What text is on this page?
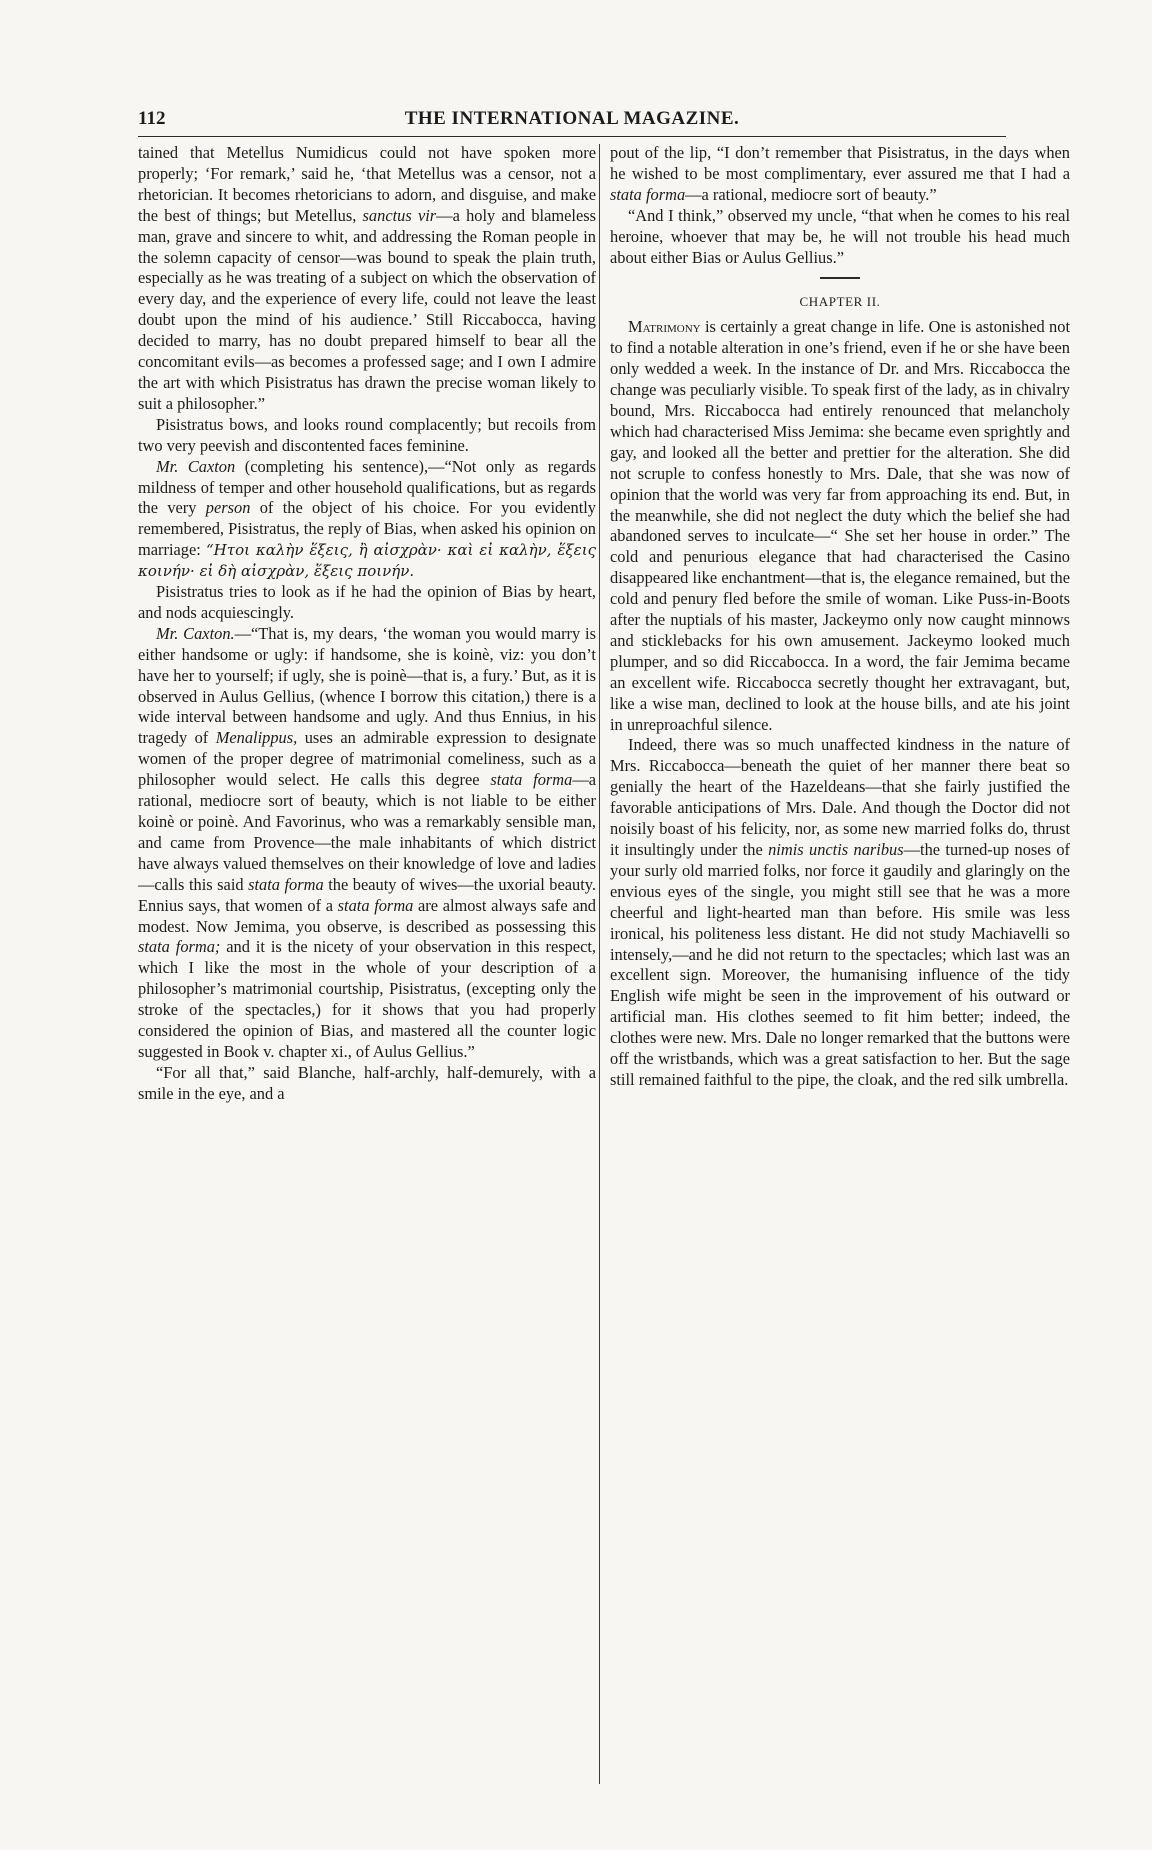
112	THE INTERNATIONAL MAGAZINE.

tained that Metellus Numidicus could not have spoken more properly; ‘For remark,’ said he, ‘that Metellus was a censor, not a rhetorician. It becomes rhetoricians to adorn, and disguise, and make the best of things; but Metellus, sanctus vir—a holy and blameless man, grave and sincere to whit, and addressing the Roman people in the solemn capacity of censor—was bound to speak the plain truth, especially as he was treating of a subject on which the observation of every day, and the experience of every life, could not leave the least doubt upon the mind of his audience.’ Still Riccabocca, having decided to marry, has no doubt prepared himself to bear all the concomitant evils—as becomes a professed sage; and I own I admire the art with which Pisistratus has drawn the precise woman likely to suit a philosopher.”

Pisistratus bows, and looks round complacently; but recoils from two very peevish and discontented faces feminine.

Mr. Caxton (completing his sentence),—“Not only as regards mildness of temper and other household qualifications, but as regards the very person of the object of his choice. For you evidently remembered, Pisistratus, the reply of Bias, when asked his opinion on marriage: “Ητοι καλὴν ἕξεις, ἢ αἰσχρὰν· καὶ εἰ καλὴν, ἕξεις κοινήν· εἰ δὴ αἰσχρὰν, ἕξεις ποινήν.

Pisistratus tries to look as if he had the opinion of Bias by heart, and nods acquiescingly.

Mr. Caxton.—“That is, my dears, ‘the woman you would marry is either handsome or ugly: if handsome, she is koinè, viz: you don’t have her to yourself; if ugly, she is poinè—that is, a fury.’ But, as it is observed in Aulus Gellius, (whence I borrow this citation,) there is a wide interval between handsome and ugly. And thus Ennius, in his tragedy of Menalippus, uses an admirable expression to designate women of the proper degree of matrimonial comeliness, such as a philosopher would select. He calls this degree stata forma—a rational, mediocre sort of beauty, which is not liable to be either koinè or poinè. And Favorinus, who was a remarkably sensible man, and came from Provence—the male inhabitants of which district have always valued themselves on their knowledge of love and ladies—calls this said stata forma the beauty of wives—the uxorial beauty. Ennius says, that women of a stata forma are almost always safe and modest. Now Jemima, you observe, is described as possessing this stata forma; and it is the nicety of your observation in this respect, which I like the most in the whole of your description of a philosopher’s matrimonial courtship, Pisistratus, (excepting only the stroke of the spectacles,) for it shows that you had properly considered the opinion of Bias, and mastered all the counter logic suggested in Book v. chapter xi., of Aulus Gellius.”

“For all that,” said Blanche, half-archly, half-demurely, with a smile in the eye, and a

pout of the lip, “I don’t remember that Pisistratus, in the days when he wished to be most complimentary, ever assured me that I had a stata forma—a rational, mediocre sort of beauty.”

“And I think,” observed my uncle, “that when he comes to his real heroine, whoever that may be, he will not trouble his head much about either Bias or Aulus Gellius.”

CHAPTER II.

Matrimony is certainly a great change in life. One is astonished not to find a notable alteration in one’s friend, even if he or she have been only wedded a week. In the instance of Dr. and Mrs. Riccabocca the change was peculiarly visible. To speak first of the lady, as in chivalry bound, Mrs. Riccabocca had entirely renounced that melancholy which had characterised Miss Jemima: she became even sprightly and gay, and looked all the better and prettier for the alteration. She did not scruple to confess honestly to Mrs. Dale, that she was now of opinion that the world was very far from approaching its end. But, in the meanwhile, she did not neglect the duty which the belief she had abandoned serves to inculcate—“ She set her house in order.” The cold and penurious elegance that had characterised the Casino disappeared like enchantment—that is, the elegance remained, but the cold and penury fled before the smile of woman. Like Puss-in-Boots after the nuptials of his master, Jackeymo only now caught minnows and sticklebacks for his own amusement. Jackeymo looked much plumper, and so did Riccabocca. In a word, the fair Jemima became an excellent wife. Riccabocca secretly thought her extravagant, but, like a wise man, declined to look at the house bills, and ate his joint in unreproachful silence.

Indeed, there was so much unaffected kindness in the nature of Mrs. Riccabocca—beneath the quiet of her manner there beat so genially the heart of the Hazeldeans—that she fairly justified the favorable anticipations of Mrs. Dale. And though the Doctor did not noisily boast of his felicity, nor, as some new married folks do, thrust it insultingly under the nimis unctis naribus—the turned-up noses of your surly old married folks, nor force it gaudily and glaringly on the envious eyes of the single, you might still see that he was a more cheerful and light-hearted man than before. His smile was less ironical, his politeness less distant. He did not study Machiavelli so intensely,—and he did not return to the spectacles; which last was an excellent sign. Moreover, the humanising influence of the tidy English wife might be seen in the improvement of his outward or artificial man. His clothes seemed to fit him better; indeed, the clothes were new. Mrs. Dale no longer remarked that the buttons were off the wristbands, which was a great satisfaction to her. But the sage still remained faithful to the pipe, the cloak, and the red silk umbrella.
